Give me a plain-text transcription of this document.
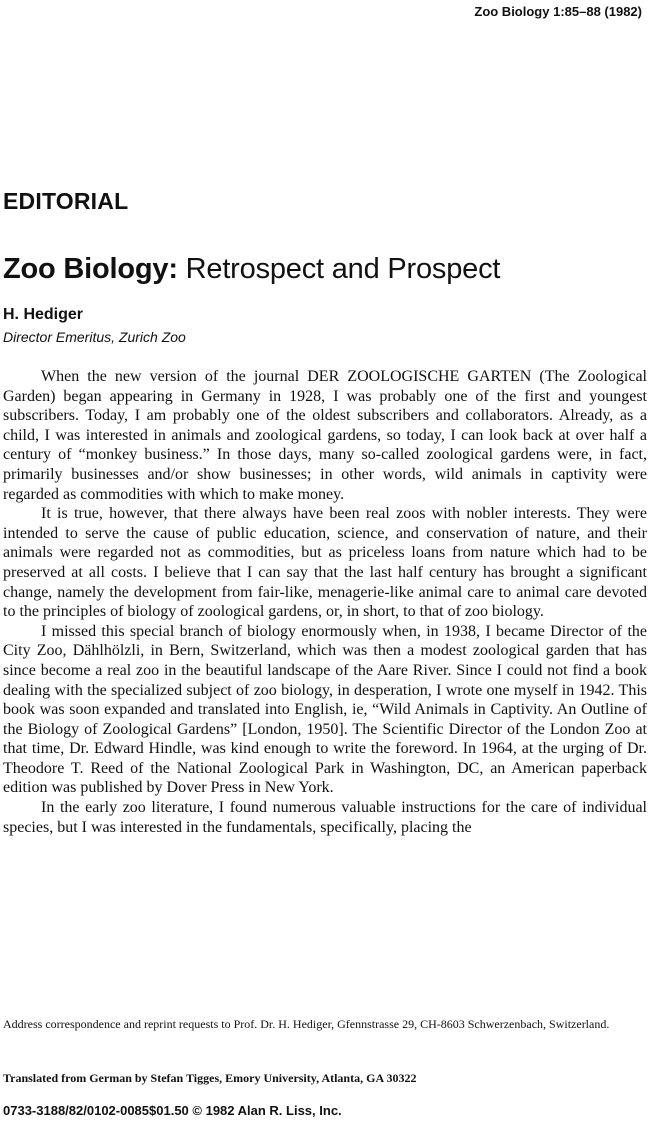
Zoo Biology 1:85–88 (1982)
EDITORIAL
Zoo Biology: Retrospect and Prospect
H. Hediger
Director Emeritus, Zurich Zoo

When the new version of the journal DER ZOOLOGISCHE GARTEN (The Zoological Garden) began appearing in Germany in 1928, I was probably one of the first and youngest subscribers. Today, I am probably one of the oldest subscribers and collaborators. Already, as a child, I was interested in animals and zoological gardens, so today, I can look back at over half a century of “monkey business.” In those days, many so-called zoological gardens were, in fact, primarily businesses and/or show businesses; in other words, wild animals in captivity were regarded as commodities with which to make money.

It is true, however, that there always have been real zoos with nobler interests. They were intended to serve the cause of public education, science, and conservation of nature, and their animals were regarded not as commodities, but as priceless loans from nature which had to be preserved at all costs. I believe that I can say that the last half century has brought a significant change, namely the development from fair-like, menagerie-like animal care to animal care devoted to the principles of biology of zoological gardens, or, in short, to that of zoo biology.

I missed this special branch of biology enormously when, in 1938, I became Director of the City Zoo, Dählhölzli, in Bern, Switzerland, which was then a modest zoological garden that has since become a real zoo in the beautiful landscape of the Aare River. Since I could not find a book dealing with the specialized subject of zoo biology, in desperation, I wrote one myself in 1942. This book was soon expanded and translated into English, ie, “Wild Animals in Captivity. An Outline of the Biology of Zoological Gardens” [London, 1950]. The Scientific Director of the London Zoo at that time, Dr. Edward Hindle, was kind enough to write the foreword. In 1964, at the urging of Dr. Theodore T. Reed of the National Zoological Park in Washington, DC, an American paperback edition was published by Dover Press in New York.

In the early zoo literature, I found numerous valuable instructions for the care of individual species, but I was interested in the fundamentals, specifically, placing the

Address correspondence and reprint requests to Prof. Dr. H. Hediger, Gfennstrasse 29, CH-8603 Schwerzenbach, Switzerland.
Translated from German by Stefan Tigges, Emory University, Atlanta, GA 30322
0733-3188/82/0102-0085$01.50 © 1982 Alan R. Liss, Inc.
